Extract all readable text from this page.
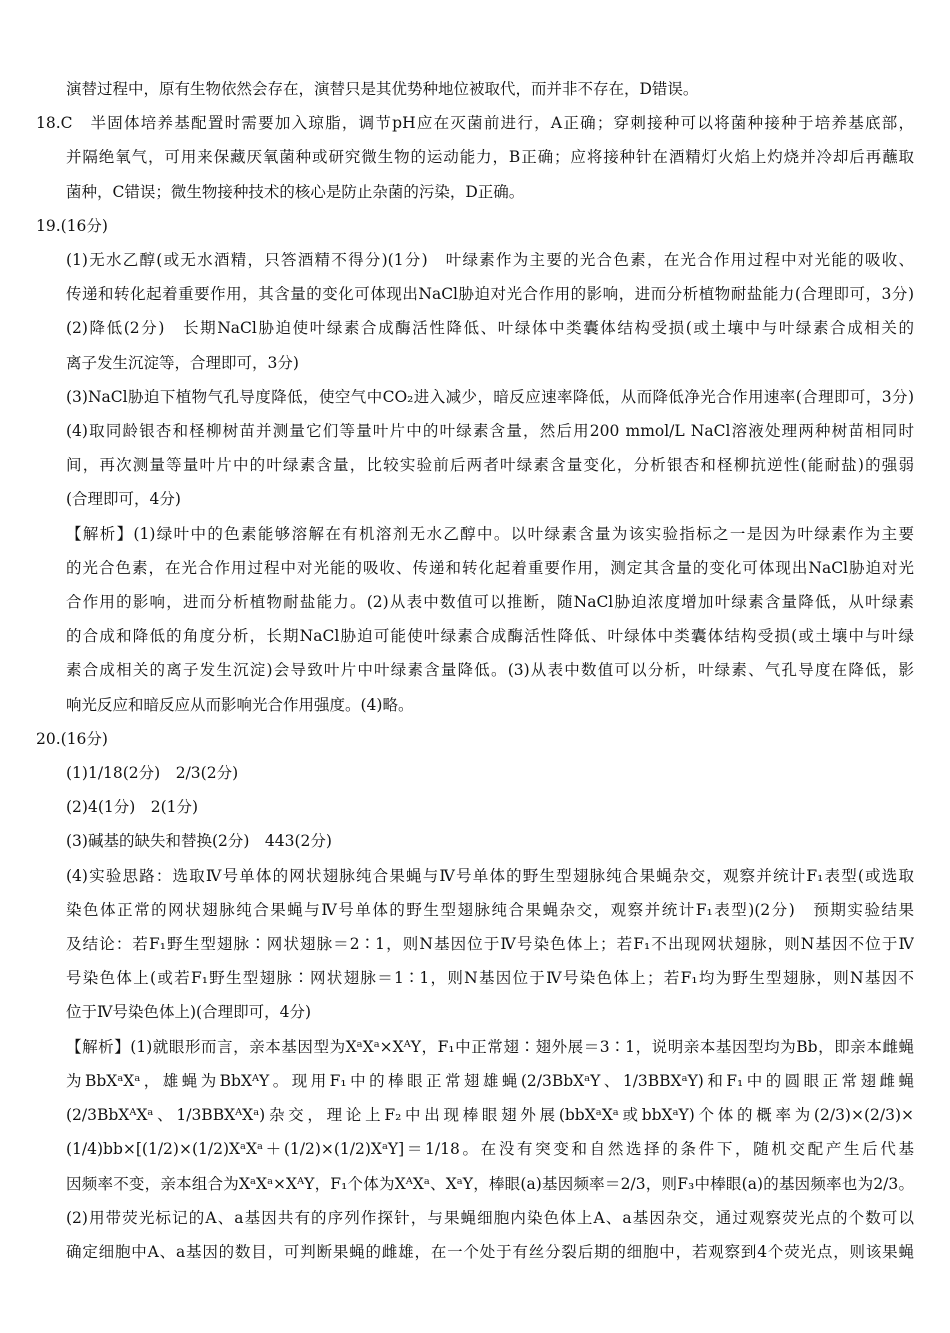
演替过程中，原有生物依然会存在，演替只是其优势种地位被取代，而并非不存在，D错误。
18.C　半固体培养基配置时需要加入琼脂，调节pH应在灭菌前进行，A正确；穿刺接种可以将菌种接种于培养基底部，
并隔绝氧气，可用来保藏厌氧菌种或研究微生物的运动能力，B正确；应将接种针在酒精灯火焰上灼烧并冷却后再蘸取
菌种，C错误；微生物接种技术的核心是防止杂菌的污染，D正确。
19.(16分)
(1)无水乙醇(或无水酒精，只答酒精不得分)(1分)　叶绿素作为主要的光合色素，在光合作用过程中对光能的吸收、
传递和转化起着重要作用，其含量的变化可体现出NaCl胁迫对光合作用的影响，进而分析植物耐盐能力(合理即可，3分)
(2)降低(2分)　长期NaCl胁迫使叶绿素合成酶活性降低、叶绿体中类囊体结构受损(或土壤中与叶绿素合成相关的
离子发生沉淀等，合理即可，3分)
(3)NaCl胁迫下植物气孔导度降低，使空气中CO₂进入减少，暗反应速率降低，从而降低净光合作用速率(合理即可，3分)
(4)取同龄银杏和柽柳树苗并测量它们等量叶片中的叶绿素含量，然后用200 mmol/L NaCl溶液处理两种树苗相同时
间，再次测量等量叶片中的叶绿素含量，比较实验前后两者叶绿素含量变化，分析银杏和柽柳抗逆性(能耐盐)的强弱
(合理即可，4分)
【解析】(1)绿叶中的色素能够溶解在有机溶剂无水乙醇中。以叶绿素含量为该实验指标之一是因为叶绿素作为主要
的光合色素，在光合作用过程中对光能的吸收、传递和转化起着重要作用，测定其含量的变化可体现出NaCl胁迫对光
合作用的影响，进而分析植物耐盐能力。(2)从表中数值可以推断，随NaCl胁迫浓度增加叶绿素含量降低，从叶绿素
的合成和降低的角度分析，长期NaCl胁迫可能使叶绿素合成酶活性降低、叶绿体中类囊体结构受损(或土壤中与叶绿
素合成相关的离子发生沉淀)会导致叶片中叶绿素含量降低。(3)从表中数值可以分析，叶绿素、气孔导度在降低，影
响光反应和暗反应从而影响光合作用强度。(4)略。
20.(16分)
(1)1/18(2分)　2/3(2分)
(2)4(1分)　2(1分)
(3)碱基的缺失和替换(2分)　443(2分)
(4)实验思路：选取Ⅳ号单体的网状翅脉纯合果蝇与Ⅳ号单体的野生型翅脉纯合果蝇杂交，观察并统计F₁表型(或选取
染色体正常的网状翅脉纯合果蝇与Ⅳ号单体的野生型翅脉纯合果蝇杂交，观察并统计F₁表型)(2分)　预期实验结果
及结论：若F₁野生型翅脉∶网状翅脉＝2∶1，则N基因位于Ⅳ号染色体上；若F₁不出现网状翅脉，则N基因不位于Ⅳ
号染色体上(或若F₁野生型翅脉∶网状翅脉＝1∶1，则N基因位于Ⅳ号染色体上；若F₁均为野生型翅脉，则N基因不
位于Ⅳ号染色体上)(合理即可，4分)
【解析】(1)就眼形而言，亲本基因型为XᵃXᵃ×XᴬY，F₁中正常翅∶翅外展＝3∶1，说明亲本基因型均为Bb，即亲本雌蝇
为BbXᵃXᵃ，雄蝇为BbXᴬY。现用F₁中的棒眼正常翅雄蝇(2/3BbXᵃY、1/3BBXᵃY)和F₁中的圆眼正常翅雌蝇
(2/3BbXᴬXᵃ、1/3BBXᴬXᵃ)杂交，理论上F₂中出现棒眼翅外展(bbXᵃXᵃ或bbXᵃY)个体的概率为(2/3)×(2/3)×
(1/4)bb×[(1/2)×(1/2)XᵃXᵃ＋(1/2)×(1/2)XᵃY]＝1/18。在没有突变和自然选择的条件下，随机交配产生后代基
因频率不变，亲本组合为XᵃXᵃ×XᴬY，F₁个体为XᴬXᵃ、XᵃY，棒眼(a)基因频率＝2/3，则F₃中棒眼(a)的基因频率也为2/3。
(2)用带荧光标记的A、a基因共有的序列作探针，与果蝇细胞内染色体上A、a基因杂交，通过观察荧光点的个数可以
确定细胞中A、a基因的数目，可判断果蝇的雌雄，在一个处于有丝分裂后期的细胞中，若观察到4个荧光点，则该果蝇
